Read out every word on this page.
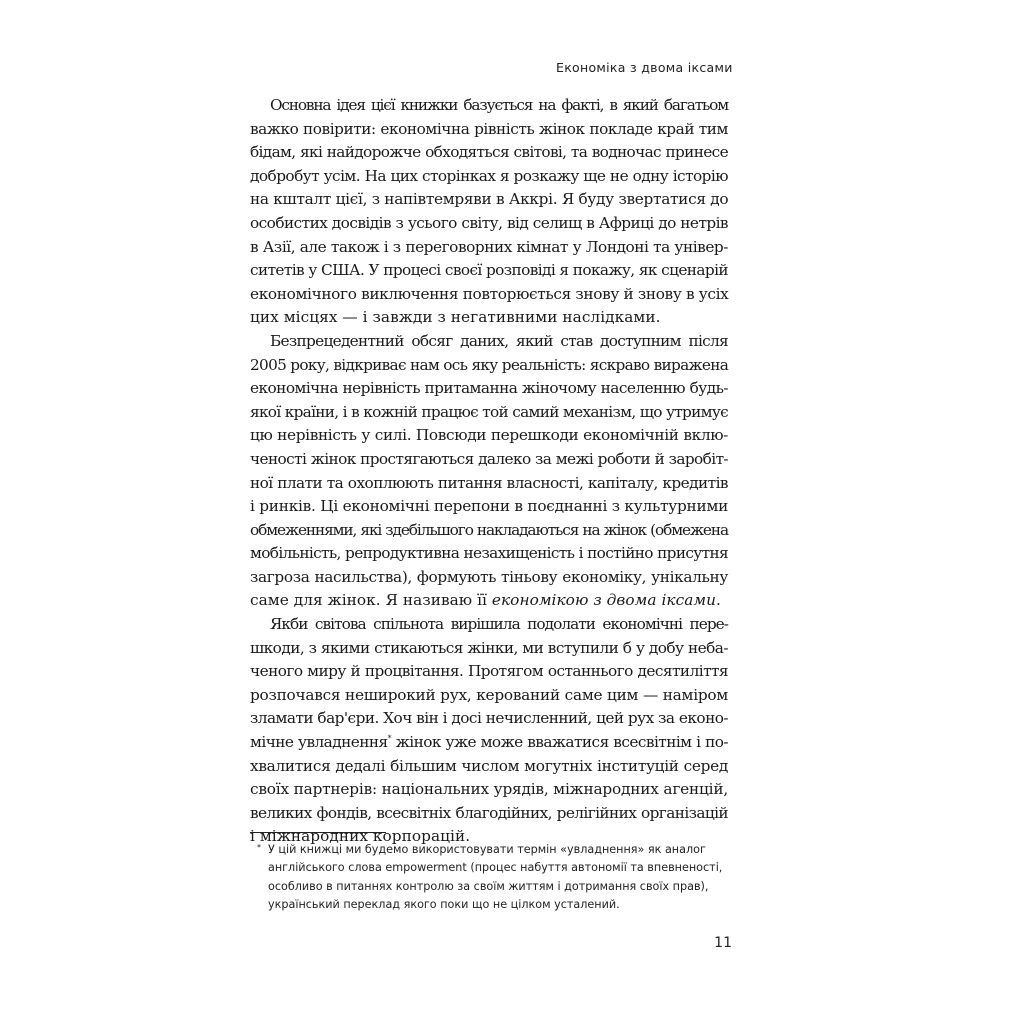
Економіка з двома іксами
Основна ідея цієї книжки базується на факті, в який багатьом
важко повірити: економічна рівність жінок покладе край тим
бідам, які найдорожче обходяться світові, та водночас принесе
добробут усім. На цих сторінках я розкажу ще не одну історію
на кшталт цієї, з напівтемряви в Аккрі. Я буду звертатися до
особистих досвідів з усього світу, від селищ в Африці до нетрів
в Азії, але також і з переговорних кімнат у Лондоні та універ-
ситетів у США. У процесі своєї розповіді я покажу, як сценарій
економічного виключення повторюється знову й знову в усіх
цих місцях — і завжди з негативними наслідками.
Безпрецедентний обсяг даних, який став доступним після
2005 року, відкриває нам ось яку реальність: яскраво виражена
економічна нерівність притаманна жіночому населенню будь-
якої країни, і в кожній працює той самий механізм, що утримує
цю нерівність у силі. Повсюди перешкоди економічній вклю-
ченості жінок простягаються далеко за межі роботи й заробіт-
ної плати та охоплюють питання власності, капіталу, кредитів
і ринків. Ці економічні перепони в поєднанні з культурними
обмеженнями, які здебільшого накладаються на жінок (обмежена
мобільність, репродуктивна незахищеність і постійно присутня
загроза насильства), формують тіньову економіку, унікальну
саме для жінок. Я називаю її економікою з двома іксами.
Якби світова спільнота вирішила подолати економічні пере-
шкоди, з якими стикаються жінки, ми вступили б у добу неба-
ченого миру й процвітання. Протягом останнього десятиліття
розпочався неширокий рух, керований саме цим — наміром
зламати бар'єри. Хоч він і досі нечисленний, цей рух за еконо-
мічне увладнення* жінок уже може вважатися всесвітнім і по-
хвалитися дедалі більшим числом могутніх інституцій серед
своїх партнерів: національних урядів, міжнародних агенцій,
великих фондів, всесвітніх благодійних, релігійних організацій
і міжнародних корпорацій.
* У цій книжці ми будемо використовувати термін «увладнення» як аналог
англійського слова empowerment (процес набуття автономії та впевненості,
особливо в питаннях контролю за своїм життям і дотримання своїх прав),
український переклад якого поки що не цілком усталений.
11
